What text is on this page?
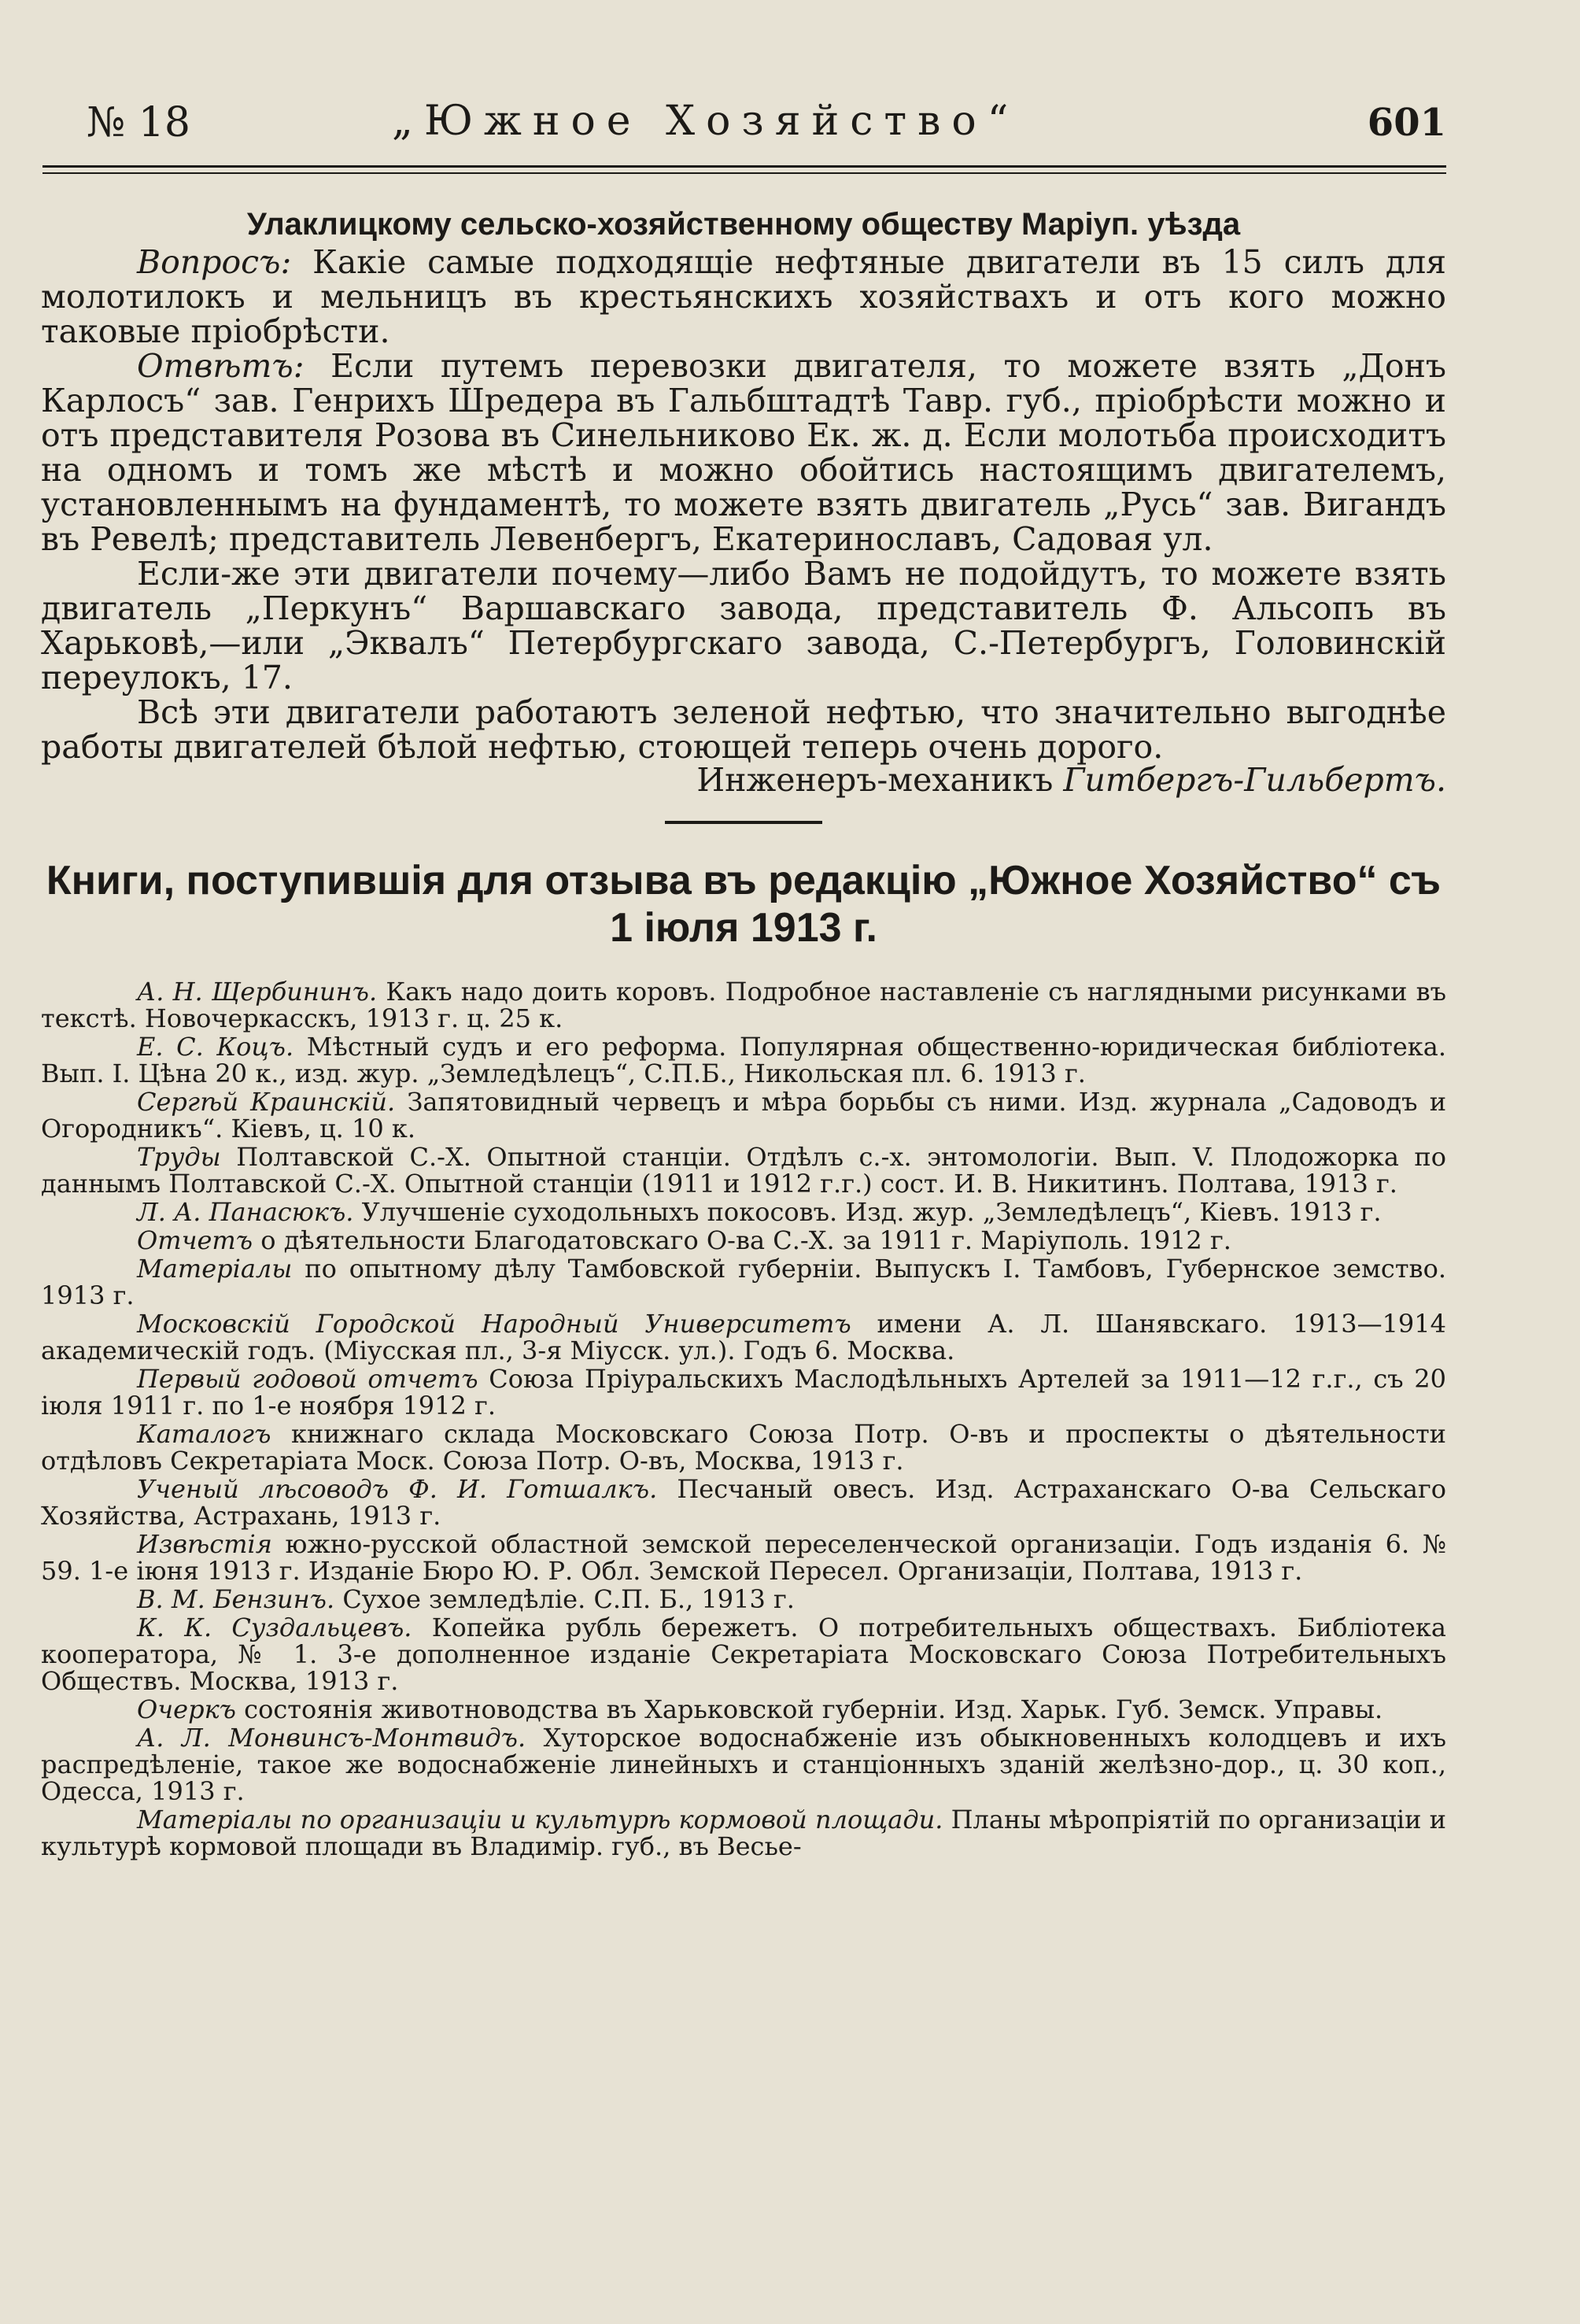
№ 18	„Южное Хозяйство“	601
Улаклицкому сельско-хозяйственному обществу Маріуп. уѣзда
Вопросъ: Какіе самые подходящіе нефтяные двигатели въ 15 силъ для молотилокъ и мельницъ въ крестьянскихъ хозяйствахъ и отъ кого можно таковые пріобрѣсти.
Отвѣтъ: Если путемъ перевозки двигателя, то можете взять „Донъ Карлосъ“ зав. Генрихъ Шредера въ Гальбштадтѣ Тавр. губ., пріобрѣсти можно и отъ представителя Розова въ Синельниково Ек. ж. д. Если молотьба происходитъ на одномъ и томъ же мѣстѣ и можно обойтись настоящимъ двигателемъ, установленнымъ на фундаментѣ, то можете взять двигатель „Русь“ зав. Вигандъ въ Ревелѣ; представитель Левенбергъ, Екатеринославъ, Садовая ул.
Если-же эти двигатели почему—либо Вамъ не подойдутъ, то можете взять двигатель „Перкунъ“ Варшавскаго завода, представитель Ф. Альсопъ въ Харьковѣ,—или „Эквалъ“ Петербургскаго завода, С.-Петербургъ, Головинскій переулокъ, 17.
Всѣ эти двигатели работаютъ зеленой нефтью, что значительно выгоднѣе работы двигателей бѣлой нефтью, стоющей теперь очень дорого.
Инженеръ-механикъ Гитбергъ-Гильбертъ.
Книги, поступившія для отзыва въ редакцію „Южное Хозяйство“ съ 1 іюля 1913 г.
А. Н. Щербининъ. Какъ надо доить коровъ. Подробное наставленіе съ наглядными рисунками въ текстѣ. Новочеркасскъ, 1913 г. ц. 25 к.
Е. С. Коцъ. Мѣстный судъ и его реформа. Популярная общественно-юридическая библіотека. Вып. I. Цѣна 20 к., изд. жур. „Земледѣлецъ“, С.П.Б., Никольская пл. 6. 1913 г.
Сергѣй Краинскій. Запятовидный червецъ и мѣра борьбы съ ними. Изд. журнала „Садоводъ и Огородникъ“. Кіевъ, ц. 10 к.
Труды Полтавской С.-Х. Опытной станціи. Отдѣлъ с.-х. энтомологіи. Вып. V. Плодожорка по даннымъ Полтавской С.-Х. Опытной станціи (1911 и 1912 г.г.) сост. И. В. Никитинъ. Полтава, 1913 г.
Л. А. Панасюкъ. Улучшеніе суходольныхъ покосовъ. Изд. жур. „Земледѣлецъ“, Кіевъ. 1913 г.
Отчетъ о дѣятельности Благодатовскаго О-ва С.-Х. за 1911 г. Маріуполь. 1912 г.
Матеріалы по опытному дѣлу Тамбовской губерніи. Выпускъ I. Тамбовъ, Губернское земство. 1913 г.
Московскій Городской Народный Университетъ имени А. Л. Шанявскаго. 1913—1914 академическій годъ. (Міусская пл., 3-я Міусск. ул.). Годъ 6. Москва.
Первый годовой отчетъ Союза Пріуральскихъ Маслодѣльныхъ Артелей за 1911—12 г.г., съ 20 іюля 1911 г. по 1-е ноября 1912 г.
Каталогъ книжнаго склада Московскаго Союза Потр. О-въ и проспекты о дѣятельности отдѣловъ Секретаріата Моск. Союза Потр. О-въ, Москва, 1913 г.
Ученый лѣсоводъ Ф. И. Готшалкъ. Песчаный овесъ. Изд. Астраханскаго О-ва Сельскаго Хозяйства, Астрахань, 1913 г.
Извѣстія южно-русской областной земской переселенческой организаціи. Годъ изданія 6. № 59. 1-е іюня 1913 г. Изданіе Бюро Ю. Р. Обл. Земской Пересел. Организаціи, Полтава, 1913 г.
В. М. Бензинъ. Сухое земледѣліе. С.П. Б., 1913 г.
К. К. Суздальцевъ. Копейка рубль бережетъ. О потребительныхъ обществахъ. Библіотека кооператора, № 1. 3-е дополненное изданіе Секретаріата Московскаго Союза Потребительныхъ Обществъ. Москва, 1913 г.
Очеркъ состоянія животноводства въ Харьковской губерніи. Изд. Харьк. Губ. Земск. Управы.
А. Л. Монвинсъ-Монтвидъ. Хуторское водоснабженіе изъ обыкновенныхъ колодцевъ и ихъ распредѣленіе, такое же водоснабженіе линейныхъ и станціонныхъ зданій желѣзно-дор., ц. 30 коп., Одесса, 1913 г.
Матеріалы по организаціи и культурѣ кормовой площади. Планы мѣропріятій по организаціи и культурѣ кормовой площади въ Владимір. губ., въ Весье-
